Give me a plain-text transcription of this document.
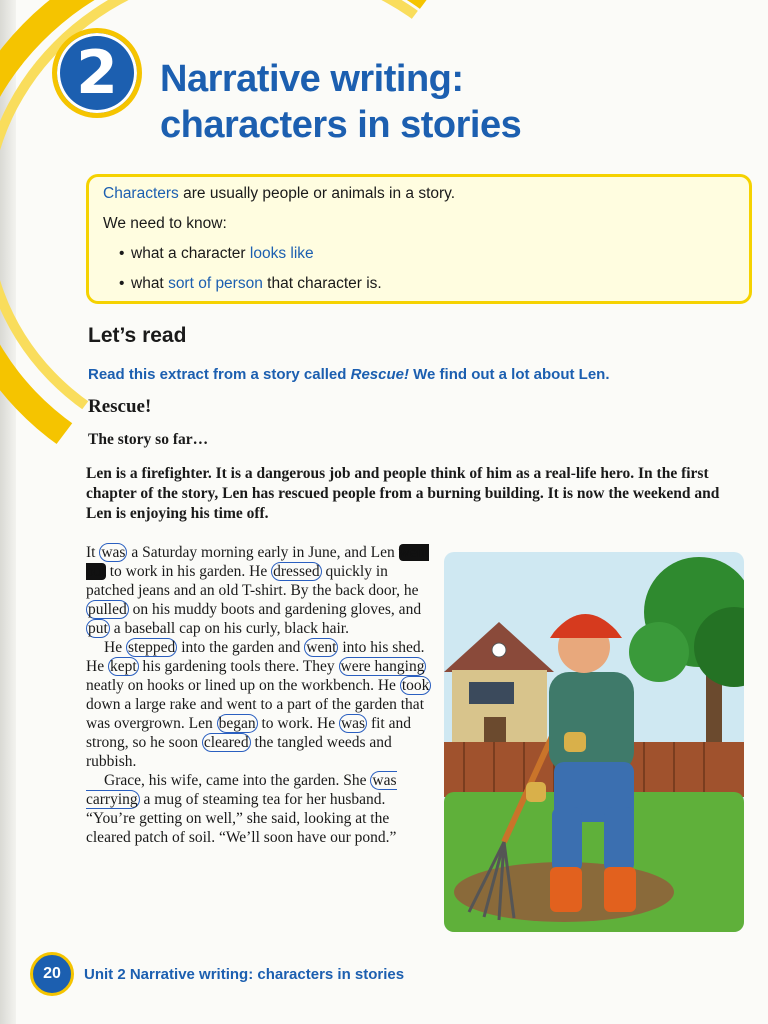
2 Narrative writing:
characters in stories

Characters are usually people or animals in a story.

We need to know:

• what a character looks like
• what sort of person that character is.
Let’s read
Read this extract from a story called Rescue! We find out a lot about Len.
Rescue!
The story so far…
Len is a firefighter. It is a dangerous job and people think of him as a real-life hero. In the first chapter of the story, Len has rescued people from a burning building. It is now the weekend and Len is enjoying his time off.

It was a Saturday morning early in June, and Len went out to work in his garden. He dressed quickly in patched jeans and an old T-shirt. By the back door, he pulled on his muddy boots and gardening gloves, and put a baseball cap on his curly, black hair.

He stepped into the garden and went into his shed. He kept his gardening tools there. They were hanging neatly on hooks or lined up on the workbench. He took down a large rake and went to a part of the garden that was overgrown. Len began to work. He was fit and strong, so he soon cleared the tangled weeds and rubbish.

Grace, his wife, came into the garden. She was carrying a mug of steaming tea for her husband. “You’re getting on well,” she said, looking at the cleared patch of soil. “We’ll soon have our pond.”

20 Unit 2 Narrative writing: characters in stories
